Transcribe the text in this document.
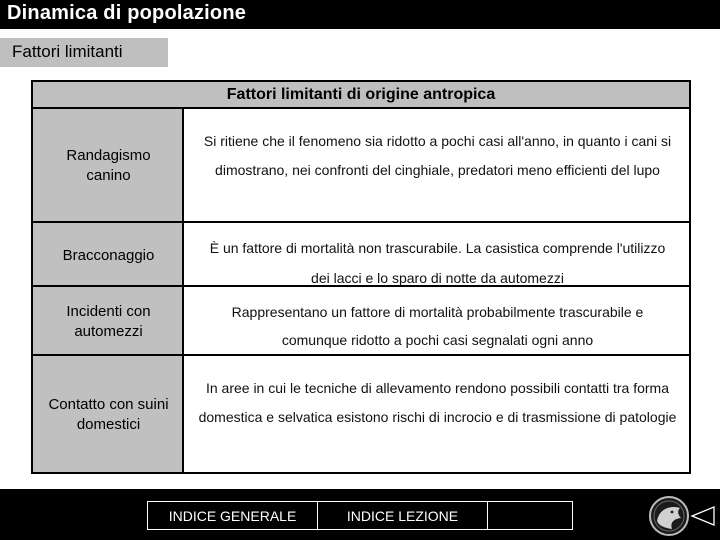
Dinamica di popolazione
Fattori limitanti
Fattori limitanti di origine antropica
Randagismo canino
Si ritiene che il fenomeno sia ridotto a pochi casi all'anno, in quanto i cani si dimostrano, nei confronti del cinghiale, predatori meno efficienti del lupo
Bracconaggio	È un fattore di mortalità non trascurabile. La casistica comprende l'utilizzo dei lacci e lo sparo di notte da automezzi
Incidenti con automezzi
Rappresentano un fattore di mortalità probabilmente trascurabile e comunque ridotto a pochi casi segnalati ogni anno
Contatto con suini domestici
In aree in cui le tecniche di allevamento rendono possibili contatti tra forma domestica e selvatica esistono rischi di incrocio e di trasmissione di patologie
INDICE GENERALE	INDICE LEZIONE
